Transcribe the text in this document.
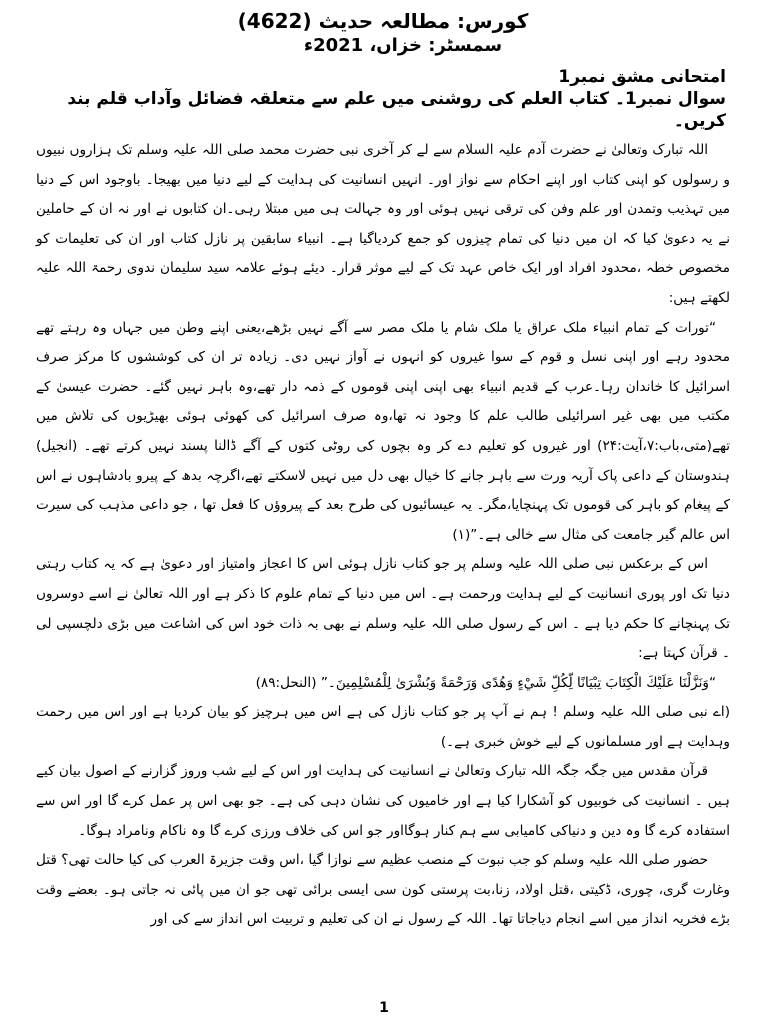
کورس: مطالعہ حدیث (4622)

سمسٹر: خزاں، 2021ء

امتحانی مشق نمبر1

سوال نمبر1۔کتاب العلم کی روشنی میں علم سے متعلقہ فضائل وآداب قلم بند کریں۔

اللہ تبارک وتعالیٰ نے حضرت آدم علیہ السلام سے لے کر آخری نبی حضرت محمد صلی اللہ علیہ وسلم تک ہزاروں نبیوں و رسولوں کو اپنی کتاب اور اپنے احکام سے نواز اور۔ انہیں انسانیت کی ہدایت کے لیے دنیا میں بھیجا۔ باوجود اس کے دنیا میں تہذیب وتمدن اور علم وفن کی ترقی نہیں ہوئی اور وہ جہالت ہی میں مبتلا رہی۔ان کتابوں نے اور نہ ان کے حاملین نے یہ دعویٰ کیا کہ ان میں دنیا کی تمام چیزوں کو جمع کردیاگیا ہے۔ انبیاء سابقین پر نازل کتاب اور ان کی تعلیمات کو مخصوص خطہ ،محدود افراد اور ایک خاص عہد تک کے لیے موثر قرار۔ دیئے ہوئے علامہ سید سلیمان ندوی رحمۃ اللہ علیہ لکھتے ہیں:

“تورات کے تمام انبیاء ملک عراق یا ملک شام یا ملک مصر سے آگے نہیں بڑھے،یعنی اپنے وطن میں جہاں وہ رہتے تھے محدود رہے اور اپنی نسل و قوم کے سوا غیروں کو انہوں نے آواز نہیں دی۔ زیادہ تر ان کی کوششوں کا مرکز صرف اسرائیل کا خاندان رہا۔عرب کے قدیم انبیاء بھی اپنی اپنی قوموں کے ذمہ دار تھے،وہ باہر نہیں گئے۔ حضرت عیسیٰ کے مکتب میں بھی غیر اسرائیلی طالب علم کا وجود نہ تھا،وہ صرف اسرائیل کی کھوئی ہوئی بھیڑیوں کی تلاش میں تھے(متی،باب:۷،آیت:۲۴) اور غیروں کو تعلیم دے کر وہ بچوں کی روٹی کتوں کے آگے ڈالنا پسند نہیں کرتے تھے۔ (انجیل) ہندوستان کے داعی پاک آریہ ورت سے باہر جانے کا خیال بھی دل میں نہیں لاسکتے تھے،اگرچہ بدھ کے پیرو بادشاہوں نے اس کے پیغام کو باہر کی قوموں تک پہنچایا،مگر۔ یہ عیسائیوں کی طرح بعد کے پیروؤں کا فعل تھا ، جو داعی مذہب کی سیرت اس عالم گیر جامعت کی مثال سے خالی ہے۔”(۱)

اس کے برعکس نبی صلی اللہ علیہ وسلم پر جو کتاب نازل ہوئی اس کا اعجاز وامتیاز اور دعویٰ ہے کہ یہ کتاب رہتی دنیا تک اور پوری انسانیت کے لیے ہدایت ورحمت ہے۔ اس میں دنیا کے تمام علوم کا ذکر ہے اور اللہ تعالیٰ نے اسے دوسروں تک پہنچانے کا حکم دیا ہے ۔ اس کے رسول صلی اللہ علیہ وسلم نے بھی بہ ذات خود اس کی اشاعت میں بڑی دلچسپی لی ۔ قرآن کہتا ہے:

“وَنَزَّلْنَا عَلَيْكَ الْكِتَابَ تِبْيَانًا لِّكُلِّ شَيْءٍ وَهُدًى وَرَحْمَةً وَبُشْرَىٰ لِلْمُسْلِمِينَ۔” (النحل:۸۹)

(اے نبی صلی اللہ علیہ وسلم ! ہم نے آپ پر جو کتاب نازل کی ہے اس میں ہرچیز کو بیان کردیا ہے اور اس میں رحمت وہدایت ہے اور مسلمانوں کے لیے خوش خبری ہے۔)

قرآن مقدس میں جگہ جگہ اللہ تبارک وتعالیٰ نے انسانیت کی ہدایت اور اس کے لیے شب وروز گزارنے کے اصول بیان کیے ہیں ۔ انسانیت کی خوبیوں کو آشکارا کیا ہے اور خامیوں کی نشان دہی کی ہے۔ جو بھی اس پر عمل کرے گا اور اس سے استفادہ کرے گا وہ دین و دنیاکی کامیابی سے ہم کنار ہوگااور جو اس کی خلاف ورزی کرے گا وہ ناکام ونامراد ہوگا۔

حضور صلی اللہ علیہ وسلم کو جب نبوت کے منصب عظیم سے نوازا گیا ،اس وقت جزیرۃ العرب کی کیا حالت تھی؟ قتل وغارت گری، چوری، ڈکیتی ،قتل اولاد، زنا،بت پرستی کون سی ایسی برائی تھی جو ان میں پائی نہ جاتی ہو۔ بعضے وقت بڑے فخریہ انداز میں اسے انجام دیاجاتا تھا۔ اللہ کے رسول نے ان کی تعلیم و تربیت اس انداز سے کی اور

1
